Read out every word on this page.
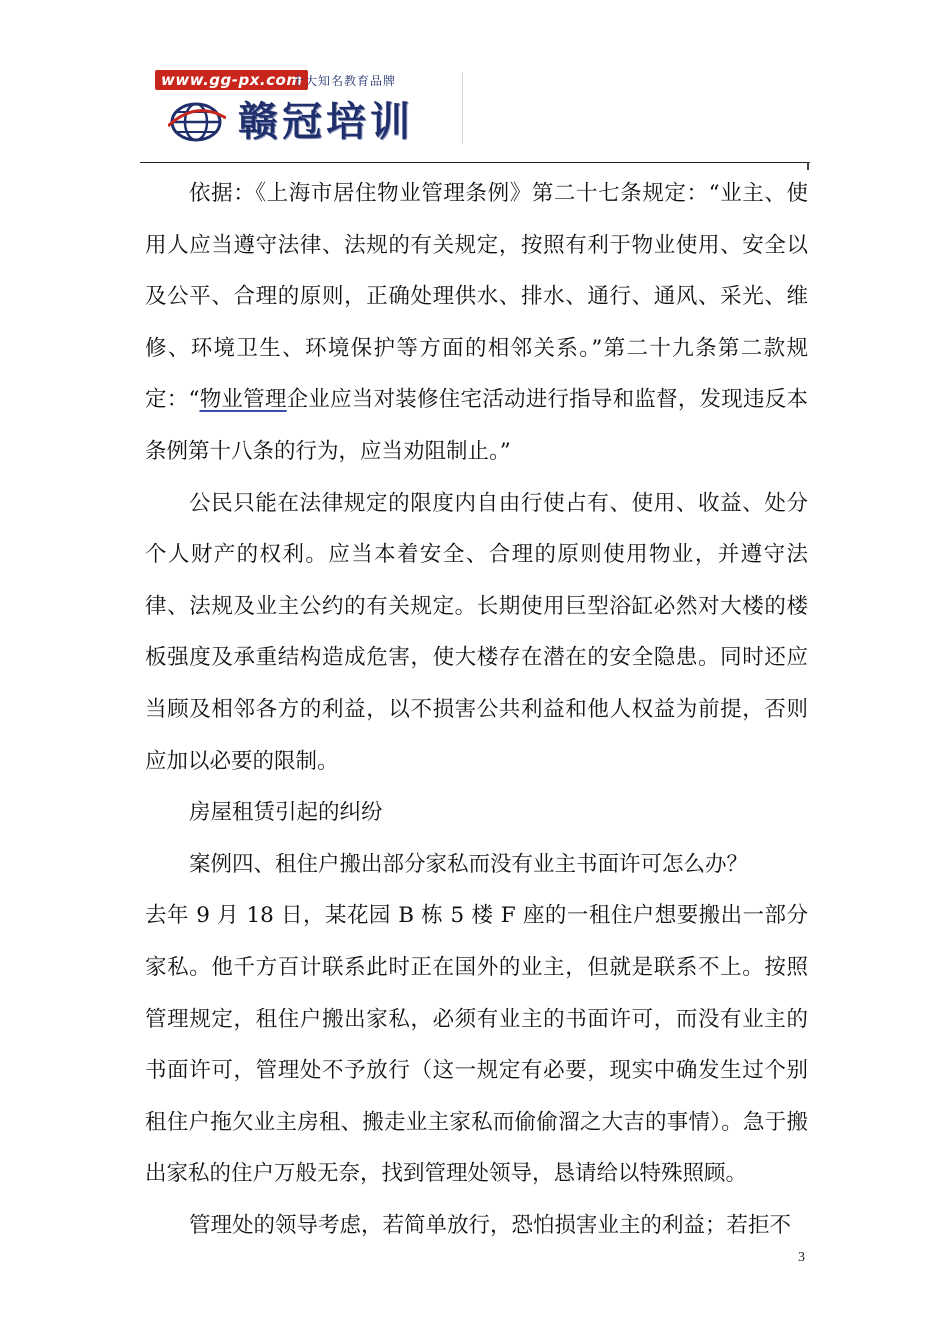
www.gg-px.com
十大知名教育品牌
赣冠培训

依据：《上海市居住物业管理条例》第二十七条规定：“业主、使用人应当遵守法律、法规的有关规定，按照有利于物业使用、安全以及公平、合理的原则，正确处理供水、排水、通行、通风、采光、维修、环境卫生、环境保护等方面的相邻关系。”第二十九条第二款规定：“物业管理企业应当对装修住宅活动进行指导和监督，发现违反本条例第十八条的行为，应当劝阻制止。”

公民只能在法律规定的限度内自由行使占有、使用、收益、处分个人财产的权利。应当本着安全、合理的原则使用物业，并遵守法律、法规及业主公约的有关规定。长期使用巨型浴缸必然对大楼的楼板强度及承重结构造成危害，使大楼存在潜在的安全隐患。同时还应当顾及相邻各方的利益，以不损害公共利益和他人权益为前提，否则应加以必要的限制。

房屋租赁引起的纠纷

案例四、租住户搬出部分家私而没有业主书面许可怎么办？

去年 9 月 18 日，某花园 B 栋 5 楼 F 座的一租住户想要搬出一部分家私。他千方百计联系此时正在国外的业主，但就是联系不上。按照管理规定，租住户搬出家私，必须有业主的书面许可，而没有业主的书面许可，管理处不予放行（这一规定有必要，现实中确发生过个别租住户拖欠业主房租、搬走业主家私而偷偷溜之大吉的事情）。急于搬出家私的住户万般无奈，找到管理处领导，恳请给以特殊照顾。

管理处的领导考虑，若简单放行，恐怕损害业主的利益；若拒不

3
